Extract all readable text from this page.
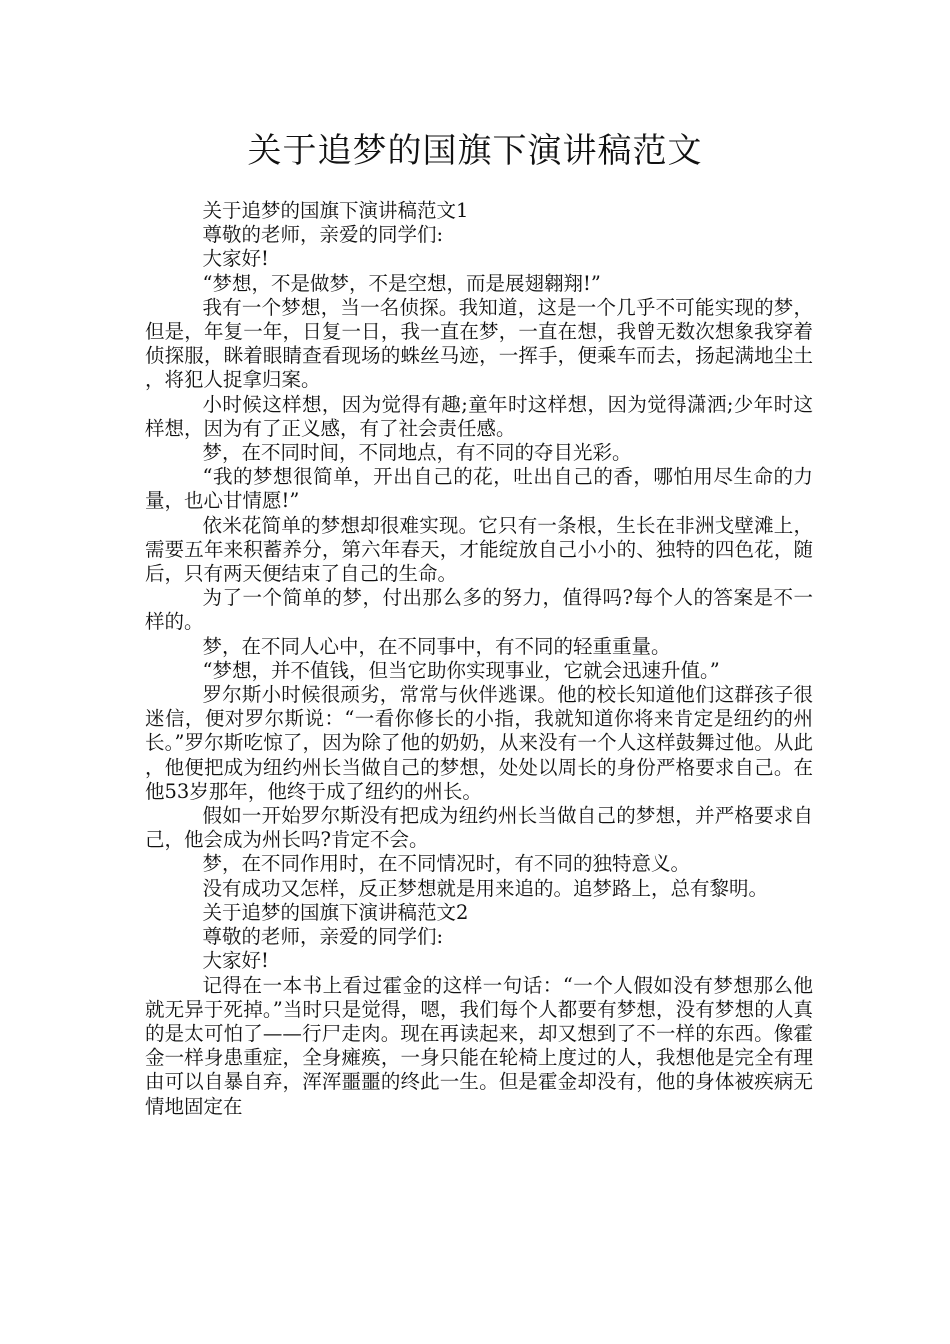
关于追梦的国旗下演讲稿范文

关于追梦的国旗下演讲稿范文1

尊敬的老师，亲爱的同学们:

大家好!

“梦想，不是做梦，不是空想，而是展翅翱翔!”

我有一个梦想，当一名侦探。我知道，这是一个几乎不可能实现的梦，但是，年复一年，日复一日，我一直在梦，一直在想，我曾无数次想象我穿着侦探服，眯着眼睛查看现场的蛛丝马迹，一挥手，便乘车而去，扬起满地尘土，将犯人捉拿归案。

小时候这样想，因为觉得有趣;童年时这样想，因为觉得潇洒;少年时这样想，因为有了正义感，有了社会责任感。

梦，在不同时间，不同地点，有不同的夺目光彩。

“我的梦想很简单，开出自己的花，吐出自己的香，哪怕用尽生命的力量，也心甘情愿!”

依米花简单的梦想却很难实现。它只有一条根，生长在非洲戈壁滩上，需要五年来积蓄养分，第六年春天，才能绽放自己小小的、独特的四色花，随后，只有两天便结束了自己的生命。

为了一个简单的梦，付出那么多的努力，值得吗?每个人的答案是不一样的。

梦，在不同人心中，在不同事中，有不同的轻重重量。

“梦想，并不值钱，但当它助你实现事业，它就会迅速升值。”

罗尔斯小时候很顽劣，常常与伙伴逃课。他的校长知道他们这群孩子很迷信，便对罗尔斯说：“一看你修长的小指，我就知道你将来肯定是纽约的州长。”罗尔斯吃惊了，因为除了他的奶奶，从来没有一个人这样鼓舞过他。从此，他便把成为纽约州长当做自己的梦想，处处以周长的身份严格要求自己。在他53岁那年，他终于成了纽约的州长。

假如一开始罗尔斯没有把成为纽约州长当做自己的梦想，并严格要求自己，他会成为州长吗?肯定不会。

梦，在不同作用时，在不同情况时，有不同的独特意义。

没有成功又怎样，反正梦想就是用来追的。追梦路上，总有黎明。

关于追梦的国旗下演讲稿范文2

尊敬的老师，亲爱的同学们:

大家好!

记得在一本书上看过霍金的这样一句话：“一个人假如没有梦想那么他就无异于死掉。”当时只是觉得，嗯，我们每个人都要有梦想，没有梦想的人真的是太可怕了——行尸走肉。现在再读起来，却又想到了不一样的东西。像霍金一样身患重症，全身瘫痪，一身只能在轮椅上度过的人，我想他是完全有理由可以自暴自弃，浑浑噩噩的终此一生。但是霍金却没有，他的身体被疾病无情地固定在
